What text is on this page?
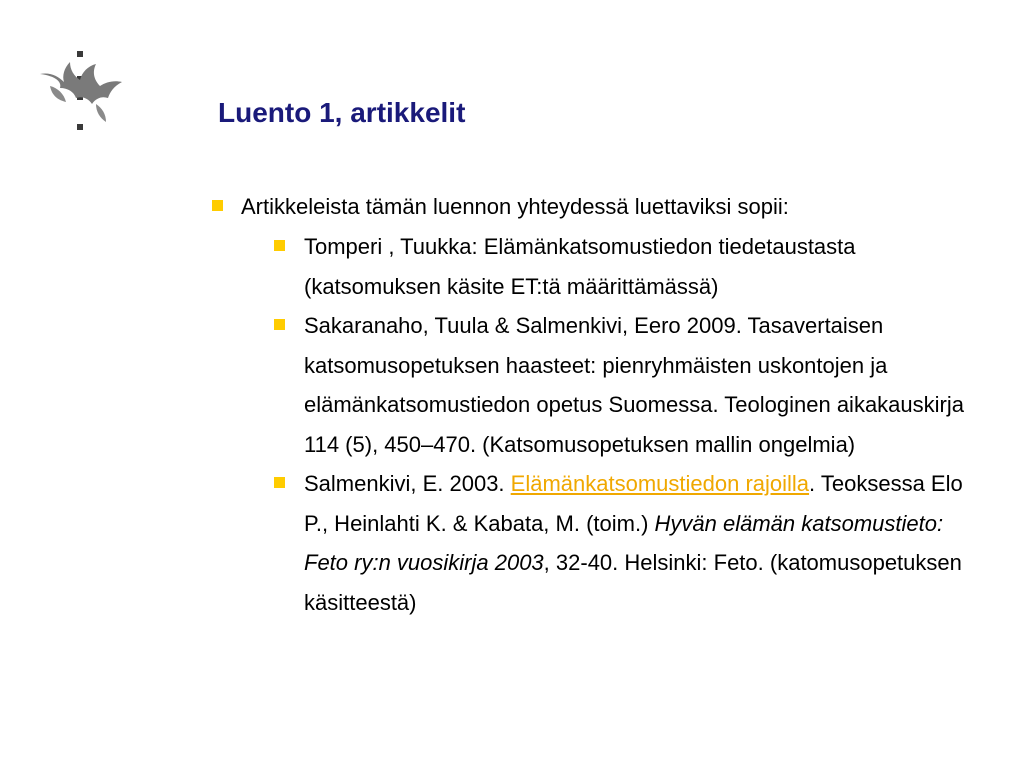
Luento 1, artikkelit
Artikkeleista tämän luennon yhteydessä luettaviksi sopii:
Tomperi , Tuukka: Elämänkatsomustiedon tiedetaustasta (katsomuksen käsite ET:tä määrittämässä)
Sakaranaho, Tuula & Salmenkivi, Eero 2009. Tasavertaisen katsomusopetuksen haasteet: pienryhmäisten uskontojen ja elämänkatsomustiedon opetus Suomessa. Teologinen aikakauskirja 114 (5), 450–470. (Katsomusopetuksen mallin ongelmia)
Salmenkivi, E. 2003. Elämänkatsomustiedon rajoilla. Teoksessa Elo P., Heinlahti K. & Kabata, M. (toim.) Hyvän elämän katsomustieto: Feto ry:n vuosikirja 2003, 32-40. Helsinki: Feto. (katomusopetuksen käsitteestä)
